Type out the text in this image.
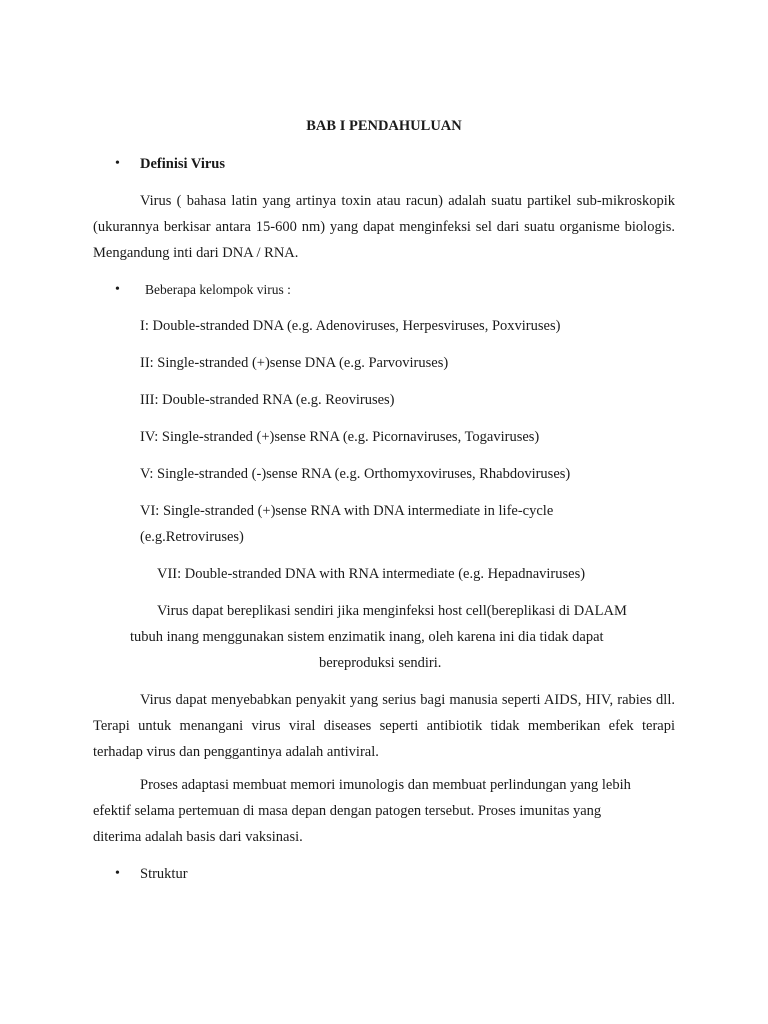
BAB I PENDAHULUAN
• Definisi Virus
Virus ( bahasa latin yang artinya toxin atau racun) adalah suatu partikel sub-mikroskopik (ukurannya berkisar antara 15-600 nm) yang dapat menginfeksi sel dari suatu organisme biologis. Mengandung inti dari DNA / RNA.
• Beberapa kelompok virus :
I: Double-stranded DNA (e.g. Adenoviruses, Herpesviruses, Poxviruses)
II: Single-stranded (+)sense DNA (e.g. Parvoviruses)
III: Double-stranded RNA (e.g. Reoviruses)
IV: Single-stranded (+)sense RNA (e.g. Picornaviruses, Togaviruses)
V: Single-stranded (-)sense RNA (e.g. Orthomyxoviruses, Rhabdoviruses)
VI: Single-stranded (+)sense RNA with DNA intermediate in life-cycle
(e.g.Retroviruses)
VII: Double-stranded DNA with RNA intermediate (e.g. Hepadnaviruses)
Virus dapat bereplikasi sendiri jika menginfeksi host cell(bereplikasi di DALAM
tubuh inang menggunakan sistem enzimatik inang, oleh karena ini dia tidak dapat
bereproduksi sendiri.
Virus dapat menyebabkan penyakit yang serius bagi manusia seperti AIDS, HIV, rabies dll. Terapi untuk menangani virus viral diseases seperti antibiotik tidak memberikan efek terapi terhadap virus dan penggantinya adalah antiviral.
Proses adaptasi membuat memori imunologis dan membuat perlindungan yang lebih
efektif selama pertemuan di masa depan dengan patogen tersebut. Proses imunitas yang
diterima adalah basis dari vaksinasi.
• Struktur
